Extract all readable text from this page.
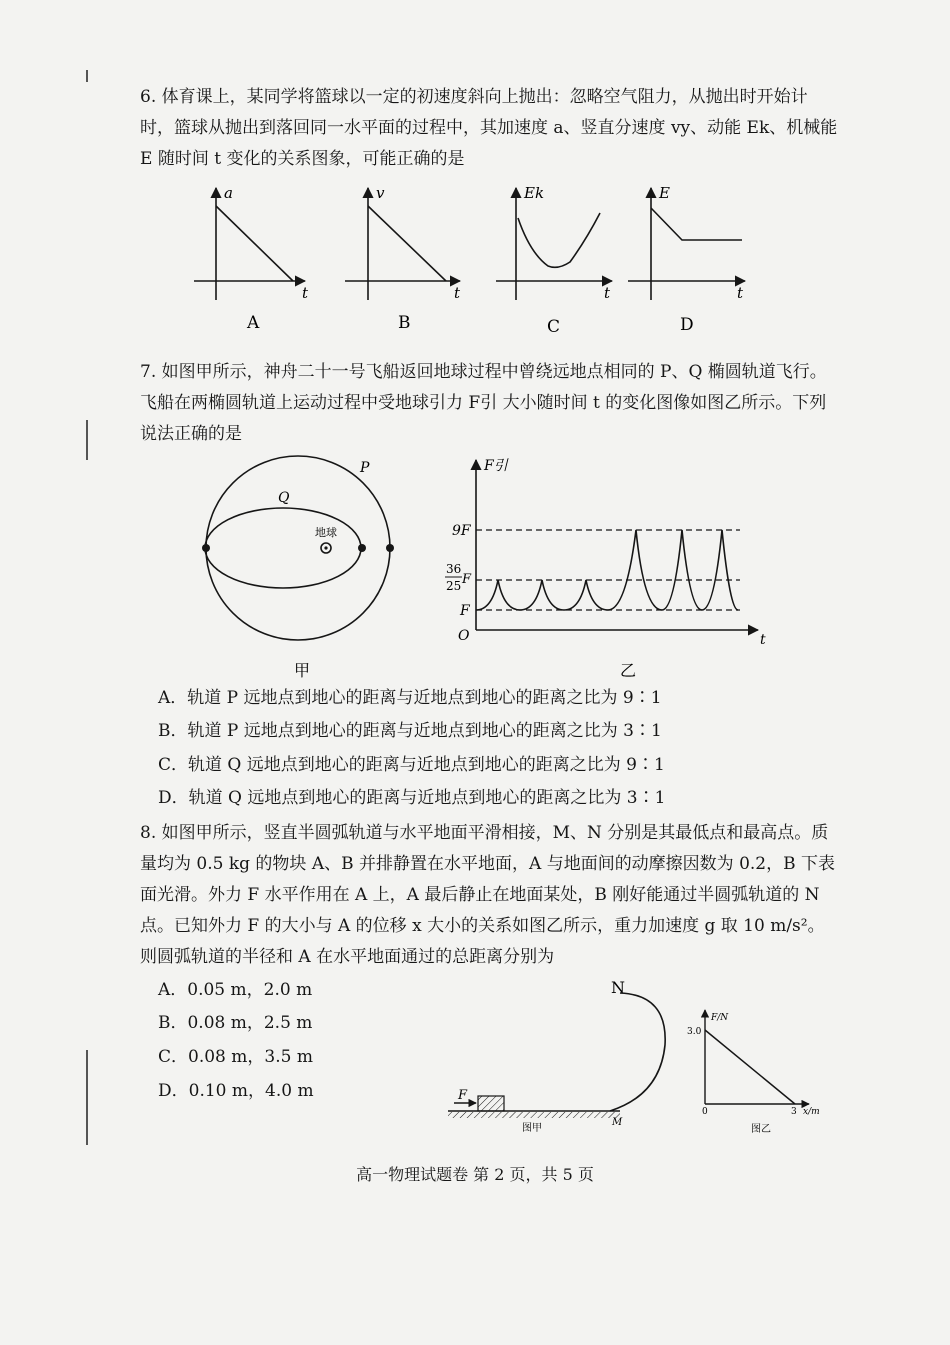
6. 体育课上，某同学将篮球以一定的初速度斜向上抛出：忽略空气阻力，从抛出时开始计时，篮球从抛出到落回同一水平面的过程中，其加速度 a、竖直分速度 vy、动能 Ek、机械能 E 随时间 t 变化的关系图象，可能正确的是

a
t
A
v
t
B
Ek
t
C
E
t
D

7. 如图甲所示，神舟二十一号飞船返回地球过程中曾绕远地点相同的 P、Q 椭圆轨道飞行。飞船在两椭圆轨道上运动过程中受地球引力 F引 大小随时间 t 的变化图像如图乙所示。下列说法正确的是

地球
P
Q
甲
F引
t
O
9F
36
25 F
F
乙
A．轨道 P 远地点到地心的距离与近地点到地心的距离之比为 9∶1
B．轨道 P 远地点到地心的距离与近地点到地心的距离之比为 3∶1
C．轨道 Q 远地点到地心的距离与近地点到地心的距离之比为 9∶1
D．轨道 Q 远地点到地心的距离与近地点到地心的距离之比为 3∶1

8. 如图甲所示，竖直半圆弧轨道与水平地面平滑相接，M、N 分别是其最低点和最高点。质量均为 0.5 kg 的物块 A、B 并排静置在水平地面，A 与地面间的动摩擦因数为 0.2，B 下表面光滑。外力 F 水平作用在 A 上，A 最后静止在地面某处，B 刚好能通过半圆弧轨道的 N 点。已知外力 F 的大小与 A 的位移 x 大小的关系如图乙所示，重力加速度 g 取 10 m/s²。则圆弧轨道的半径和 A 在水平地面通过的总距离分别为

A．0.05 m，2.0 m
B．0.08 m，2.5 m
C．0.08 m，3.5 m
D．0.10 m，4.0 m	F
N
M
图甲
F/N
3.0
0	3 x/m
图乙
高一物理试题卷 第 2 页，共 5 页
